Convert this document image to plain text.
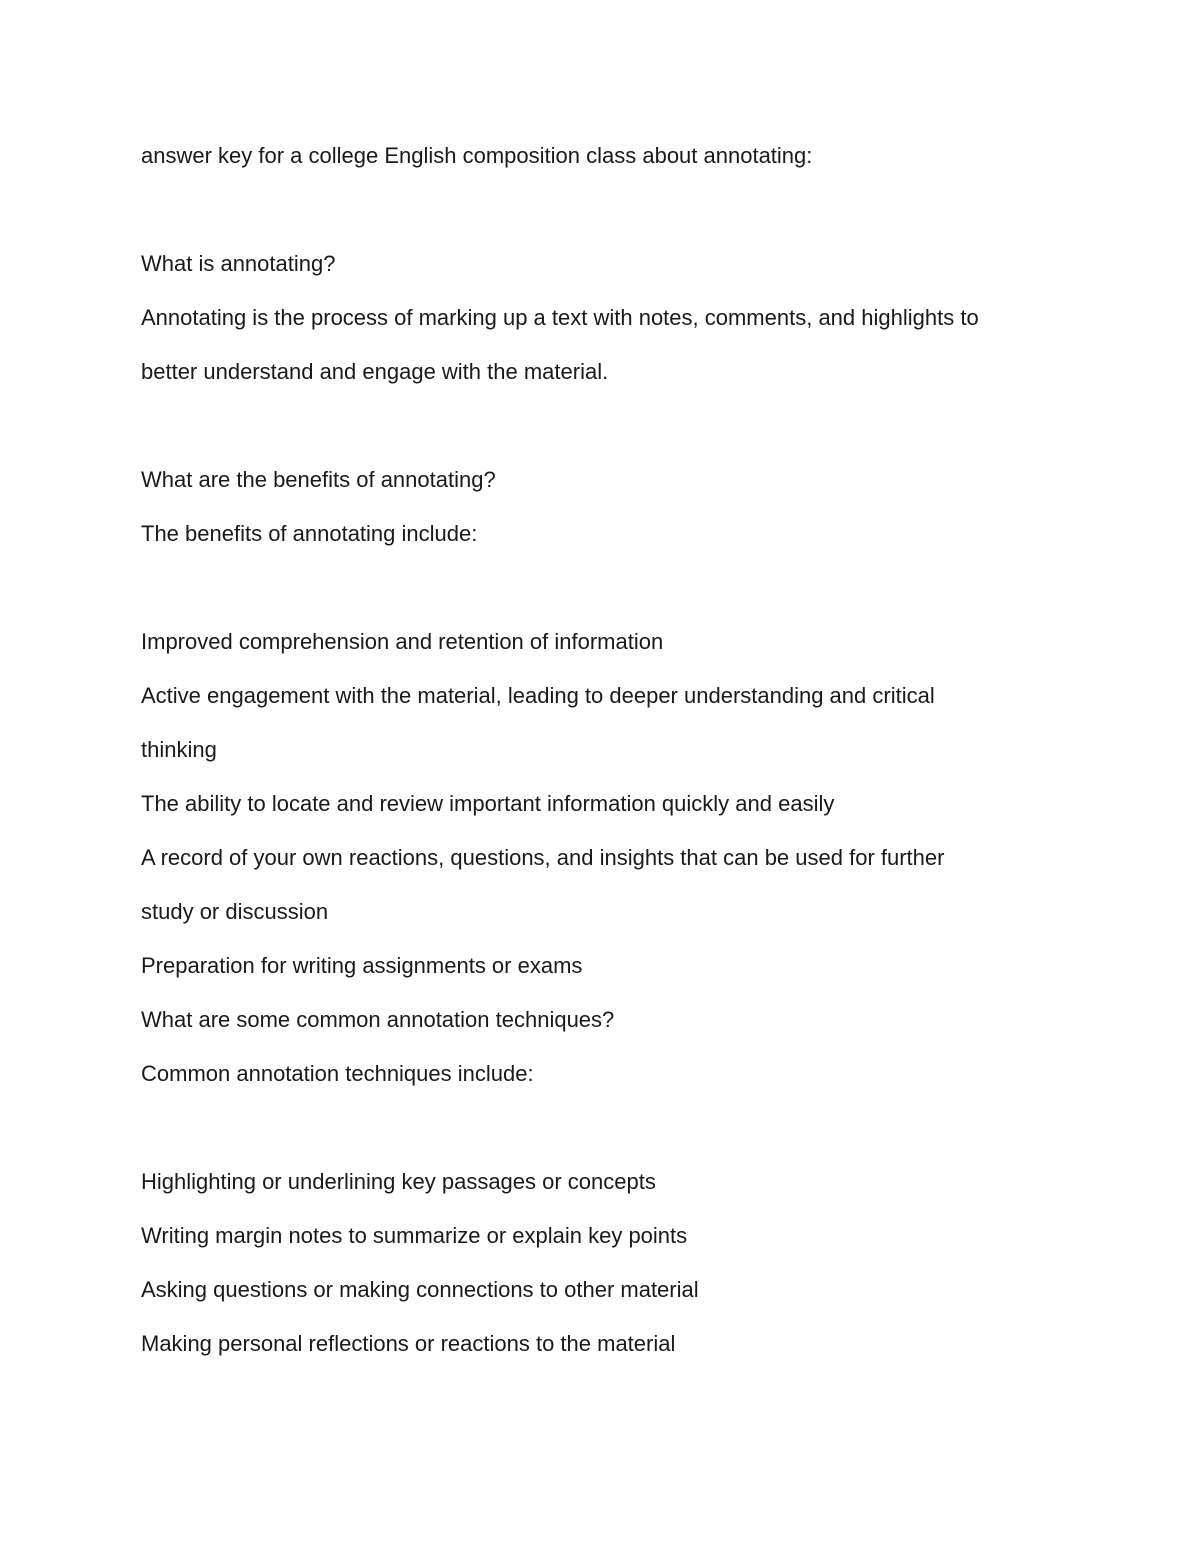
answer key for a college English composition class about annotating:

What is annotating?

Annotating is the process of marking up a text with notes, comments, and highlights to

better understand and engage with the material.

What are the benefits of annotating?

The benefits of annotating include:

Improved comprehension and retention of information

Active engagement with the material, leading to deeper understanding and critical

thinking

The ability to locate and review important information quickly and easily

A record of your own reactions, questions, and insights that can be used for further

study or discussion

Preparation for writing assignments or exams

What are some common annotation techniques?

Common annotation techniques include:

Highlighting or underlining key passages or concepts

Writing margin notes to summarize or explain key points

Asking questions or making connections to other material

Making personal reflections or reactions to the material
